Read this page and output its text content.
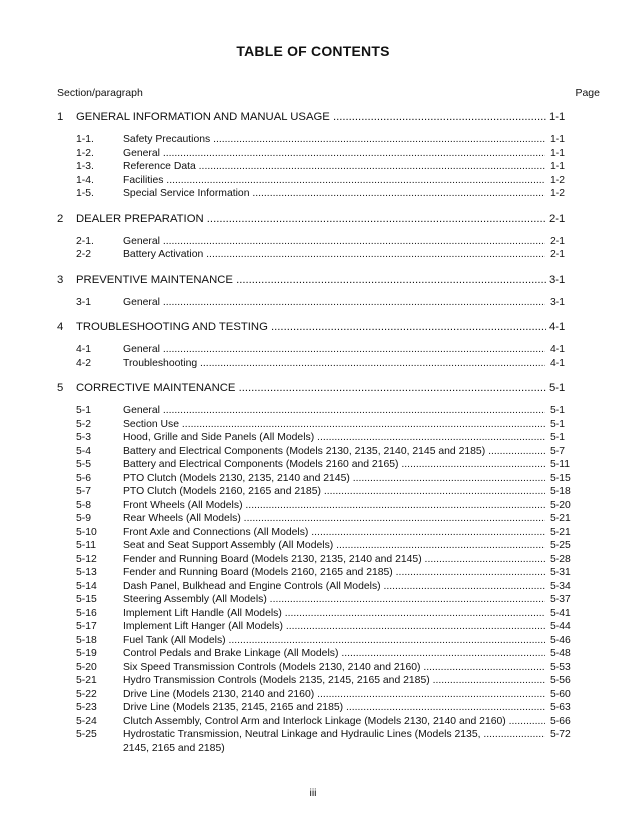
TABLE OF CONTENTS
Section/paragraph	Page
1 GENERAL INFORMATION AND MANUAL USAGE .....	1-1
1-1.	Safety Precautions .....	1-1
1-2.	General .....	1-1
1-3.	Reference Data .....	1-1
1-4.	Facilities .....	1-2
1-5.	Special Service Information .....	1-2
2 DEALER PREPARATION .....	2-1
2-1.	General .....	2-1
2-2	Battery Activation .....	2-1
3 PREVENTIVE MAINTENANCE .....	3-1
3-1	General .....	3-1
4 TROUBLESHOOTING AND TESTING .....	4-1
4-1	General .....	4-1
4-2	Troubleshooting .....	4-1
5 CORRECTIVE MAINTENANCE .....	5-1
5-1	General .....	5-1
5-2	Section Use .....	5-1
5-3	Hood, Grille and Side Panels (All Models) .....	5-1
5-4	Battery and Electrical Components (Models 2130, 2135, 2140, 2145 and 2185) .....	5-7
5-5	Battery and Electrical Components (Models 2160 and 2165) .....	5-11
5-6	PTO Clutch (Models 2130, 2135, 2140 and 2145) .....	5-15
5-7	PTO Clutch (Models 2160, 2165 and 2185) .....	5-18
5-8	Front Wheels (All Models) .....	5-20
5-9	Rear Wheels (All Models) .....	5-21
5-10	Front Axle and Connections (All Models) .....	5-21
5-11	Seat and Seat Support Assembly (All Models) .....	5-25
5-12	Fender and Running Board (Models 2130, 2135, 2140 and 2145) .....	5-28
5-13	Fender and Running Board (Models 2160, 2165 and 2185) .....	5-31
5-14	Dash Panel, Bulkhead and Engine Controls (All Models) .....	5-34
5-15	Steering Assembly (All Models) .....	5-37
5-16	Implement Lift Handle (All Models) .....	5-41
5-17	Implement Lift Hanger (All Models) .....	5-44
5-18	Fuel Tank (All Models) .....	5-46
5-19	Control Pedals and Brake Linkage (All Models) .....	5-48
5-20	Six Speed Transmission Controls (Models 2130, 2140 and 2160) .....	5-53
5-21	Hydro Transmission Controls (Models 2135, 2145, 2165 and 2185) .....	5-56
5-22	Drive Line (Models 2130, 2140 and 2160) .....	5-60
5-23	Drive Line (Models 2135, 2145, 2165 and 2185) .....	5-63
5-24	Clutch Assembly, Control Arm and Interlock Linkage (Models 2130, 2140 and 2160) .....	5-66
5-25	Hydrostatic Transmission, Neutral Linkage and Hydraulic Lines (Models 2135, .....	5-72
2145, 2165 and 2185)
iii
